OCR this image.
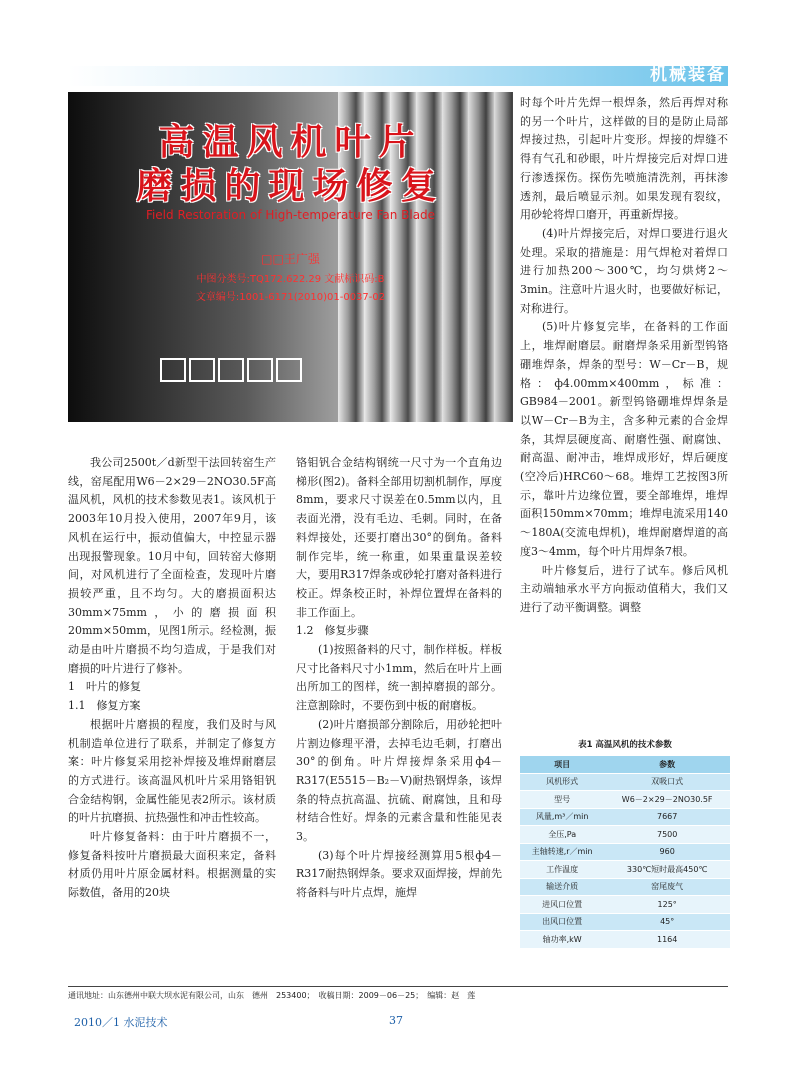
机械装备
高温风机叶片
磨损的现场修复
Field Restoration of High-temperature Fan Blade
□□王广强
中图分类号:TQ172.622.29 文献标识码:B
文章编号:1001-6171(2010)01-0037-02

我公司2500t／d新型干法回转窑生产线，窑尾配用W6－2×29－2NO30.5F高温风机，风机的技术参数见表1。该风机于2003年10月投入使用，2007年9月，该风机在运行中，振动值偏大，中控显示器出现报警现象。10月中旬，回转窑大修期间，对风机进行了全面检查，发现叶片磨损较严重，且不均匀。大的磨损面积达30mm×75mm，小的磨损面积20mm×50mm，见图1所示。经检测，振动是由叶片磨损不均匀造成，于是我们对磨损的叶片进行了修补。

1　叶片的修复

1.1　修复方案

根据叶片磨损的程度，我们及时与风机制造单位进行了联系，并制定了修复方案：叶片修复采用挖补焊接及堆焊耐磨层的方式进行。该高温风机叶片采用铬钼钒合金结构钢，金属性能见表2所示。该材质的叶片抗磨损、抗热强性和冲击性较高。

叶片修复备料：由于叶片磨损不一，修复备料按叶片磨损最大面积来定，备料材质仍用叶片原金属材料。根据测量的实际数值，备用的20块

铬钼钒合金结构钢统一尺寸为一个直角边梯形(图2)。备料全部用切割机制作，厚度8mm，要求尺寸误差在0.5mm以内，且表面光滑，没有毛边、毛刺。同时，在备料焊接处，还要打磨出30°的倒角。备料制作完毕，统一称重，如果重量误差较大，要用R317焊条或砂轮打磨对备料进行校正。焊条校正时，补焊位置焊在备料的非工作面上。

1.2　修复步骤

(1)按照备料的尺寸，制作样板。样板尺寸比备料尺寸小1mm，然后在叶片上画出所加工的图样，统一割掉磨损的部分。注意割除时，不要伤到中板的耐磨板。

(2)叶片磨损部分割除后，用砂轮把叶片割边修理平滑，去掉毛边毛刺，打磨出30°的倒角。叶片焊接焊条采用ф4－R317(E5515－B₂－V)耐热钢焊条，该焊条的特点抗高温、抗硫、耐腐蚀，且和母材结合性好。焊条的元素含量和性能见表3。

(3)每个叶片焊接经测算用5根ф4－R317耐热钢焊条。要求双面焊接，焊前先将备料与叶片点焊，施焊

时每个叶片先焊一根焊条，然后再焊对称的另一个叶片，这样做的目的是防止局部焊接过热，引起叶片变形。焊接的焊缝不得有气孔和砂眼，叶片焊接完后对焊口进行渗透探伤。探伤先喷施清洗剂，再抹渗透剂，最后喷显示剂。如果发现有裂纹，用砂轮将焊口磨开，再重新焊接。

(4)叶片焊接完后，对焊口要进行退火处理。采取的措施是：用气焊枪对着焊口进行加热200～300℃，均匀烘烤2～3min。注意叶片退火时，也要做好标记，对称进行。

(5)叶片修复完毕，在备料的工作面上，堆焊耐磨层。耐磨焊条采用新型钨铬硼堆焊条，焊条的型号：W－Cr－B，规格：ф4.00mm×400mm，标准：GB984－2001。新型钨铬硼堆焊焊条是以W－Cr－B为主，含多种元素的合金焊条，其焊层硬度高、耐磨性强、耐腐蚀、耐高温、耐冲击，堆焊成形好，焊后硬度(空冷后)HRC60～68。堆焊工艺按图3所示，靠叶片边缘位置，要全部堆焊，堆焊面积150mm×70mm；堆焊电流采用140～180A(交流电焊机)，堆焊耐磨焊道的高度3～4mm，每个叶片用焊条7根。

叶片修复后，进行了试车。修后风机主动端轴承水平方向振动值稍大，我们又进行了动平衡调整。调整

表1 高温风机的技术参数
项目	参数
风机形式	双吸口式
型号	W6－2×29－2NO30.5F
风量,m³／min	7667
全压,Pa	7500
主轴转速,r／min	960
工作温度	330℃短时最高450℃
输送介质	窑尾废气
进风口位置	125°
出风口位置	45°
轴功率,kW	1164
通讯地址：山东德州中联大坝水泥有限公司，山东　德州　253400；　收稿日期：2009－06－25；　编辑：赵　莲
2010／1 水泥技术	37
